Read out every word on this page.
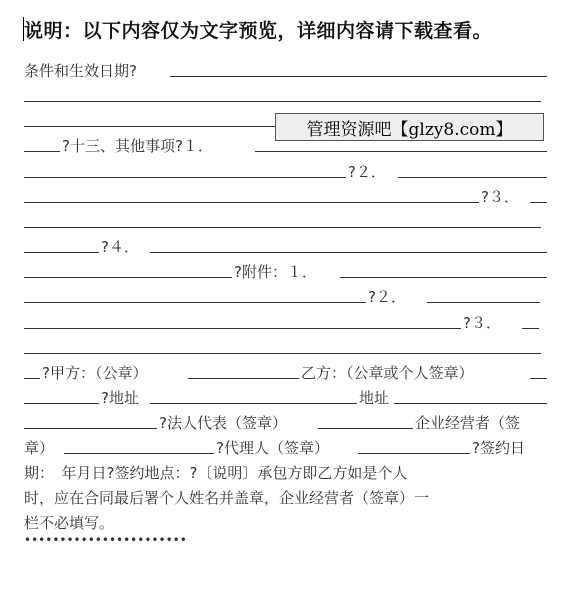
说明：以下内容仅为文字预览，详细内容请下载查看。
条件和生效日期?
?十三、其他事项?１．
?２．
?３．
?４．
?附件：１．
?２．
?３．
?甲方：（公章）	乙方：（公章或个人签章）
?地址	地址
?法人代表（签章）	企业经营者（签
章）	?代理人（签章）	?签约日
期：　年月日?签约地点：?〔说明〕承包方即乙方如是个人
时，应在合同最后署个人姓名并盖章，企业经营者（签章）一
栏不必填写。
•••••••••••••••••••••••
管理资源吧【glzy8.com】
